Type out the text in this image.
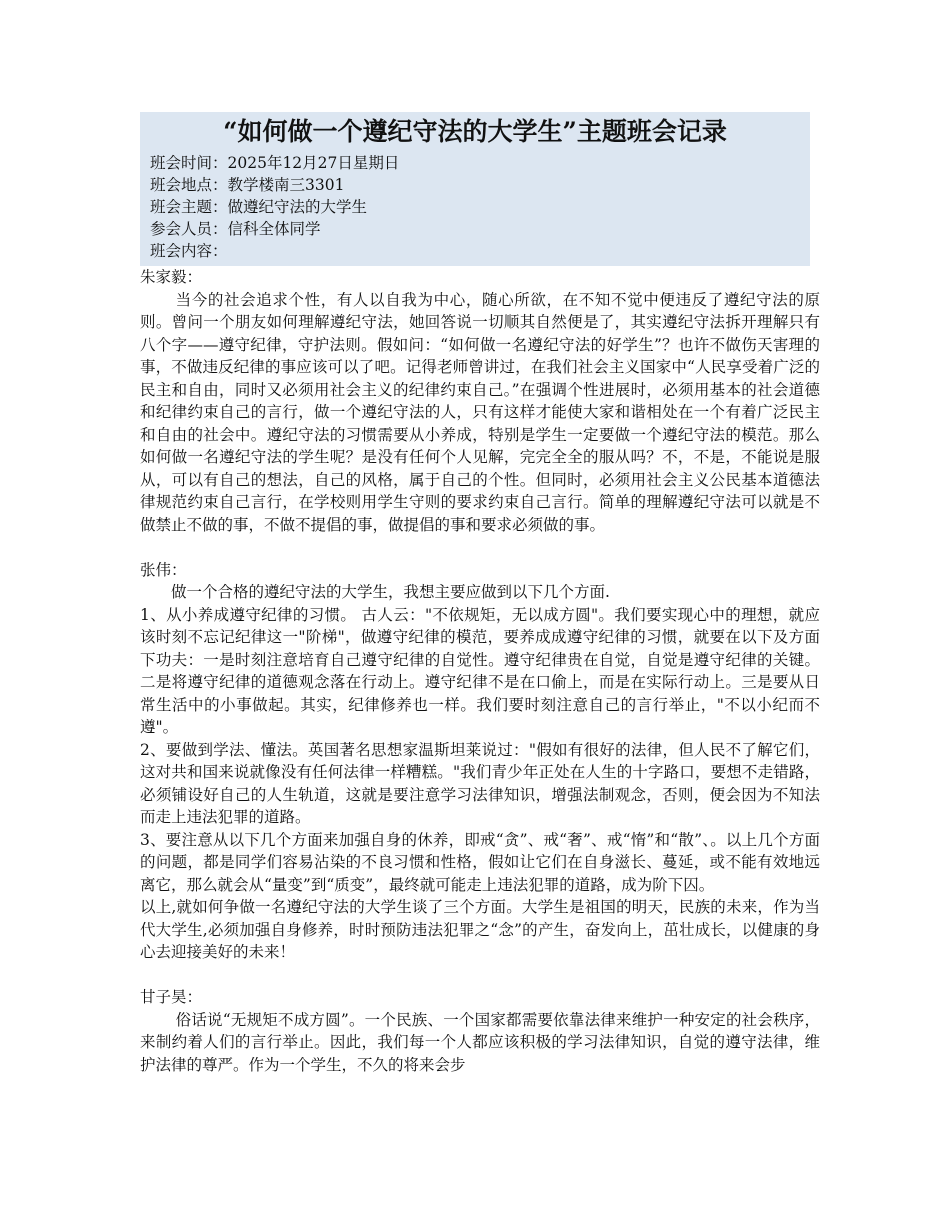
“如何做一个遵纪守法的大学生”主题班会记录
班会时间：2025年12月27日星期日
班会地点：教学楼南三3301
班会主题：做遵纪守法的大学生
参会人员：信科全体同学
班会内容：

朱家毅：

当今的社会追求个性，有人以自我为中心，随心所欲，在不知不觉中便违反了遵纪守法的原则。曾问一个朋友如何理解遵纪守法，她回答说一切顺其自然便是了，其实遵纪守法拆开理解只有八个字——遵守纪律，守护法则。假如问：“如何做一名遵纪守法的好学生”？也许不做伤天害理的事，不做违反纪律的事应该可以了吧。记得老师曾讲过，在我们社会主义国家中“人民享受着广泛的民主和自由，同时又必须用社会主义的纪律约束自己。”在强调个性进展时，必须用基本的社会道德和纪律约束自己的言行，做一个遵纪守法的人，只有这样才能使大家和谐相处在一个有着广泛民主和自由的社会中。遵纪守法的习惯需要从小养成，特别是学生一定要做一个遵纪守法的模范。那么如何做一名遵纪守法的学生呢？是没有任何个人见解，完完全全的服从吗？不，不是，不能说是服从，可以有自己的想法，自己的风格，属于自己的个性。但同时，必须用社会主义公民基本道德法律规范约束自己言行，在学校则用学生守则的要求约束自己言行。简单的理解遵纪守法可以就是不做禁止不做的事，不做不提倡的事，做提倡的事和要求必须做的事。

张伟：

做一个合格的遵纪守法的大学生，我想主要应做到以下几个方面.

1、从小养成遵守纪律的习惯。 古人云："不依规矩，无以成方圆"。我们要实现心中的理想，就应该时刻不忘记纪律这一"阶梯"，做遵守纪律的模范，要养成成遵守纪律的习惯，就要在以下及方面下功夫：一是时刻注意培育自己遵守纪律的自觉性。遵守纪律贵在自觉，自觉是遵守纪律的关键。二是将遵守纪律的道德观念落在行动上。遵守纪律不是在口偷上，而是在实际行动上。三是要从日常生活中的小事做起。其实，纪律修养也一样。我们要时刻注意自己的言行举止，"不以小纪而不遵"。

2、要做到学法、懂法。英国著名思想家温斯坦莱说过："假如有很好的法律，但人民不了解它们，这对共和国来说就像没有任何法律一样糟糕。"我们青少年正处在人生的十字路口，要想不走错路，必须铺设好自己的人生轨道，这就是要注意学习法律知识，增强法制观念，否则，便会因为不知法而走上违法犯罪的道路。

3、要注意从以下几个方面来加强自身的休养，即戒“贪”、戒“奢”、戒“惰”和“散”、。以上几个方面的问题，都是同学们容易沾染的不良习惯和性格，假如让它们在自身滋长、蔓延，或不能有效地远离它，那么就会从“量变”到“质变”，最终就可能走上违法犯罪的道路，成为阶下囚。

以上,就如何争做一名遵纪守法的大学生谈了三个方面。大学生是祖国的明天，民族的未来，作为当代大学生,必须加强自身修养，时时预防违法犯罪之“念”的产生，奋发向上，茁壮成长，以健康的身心去迎接美好的未来！

甘子昊：

俗话说“无规矩不成方圆”。一个民族、一个国家都需要依靠法律来维护一种安定的社会秩序，来制约着人们的言行举止。因此，我们每一个人都应该积极的学习法律知识，自觉的遵守法律，维护法律的尊严。作为一个学生，不久的将来会步
